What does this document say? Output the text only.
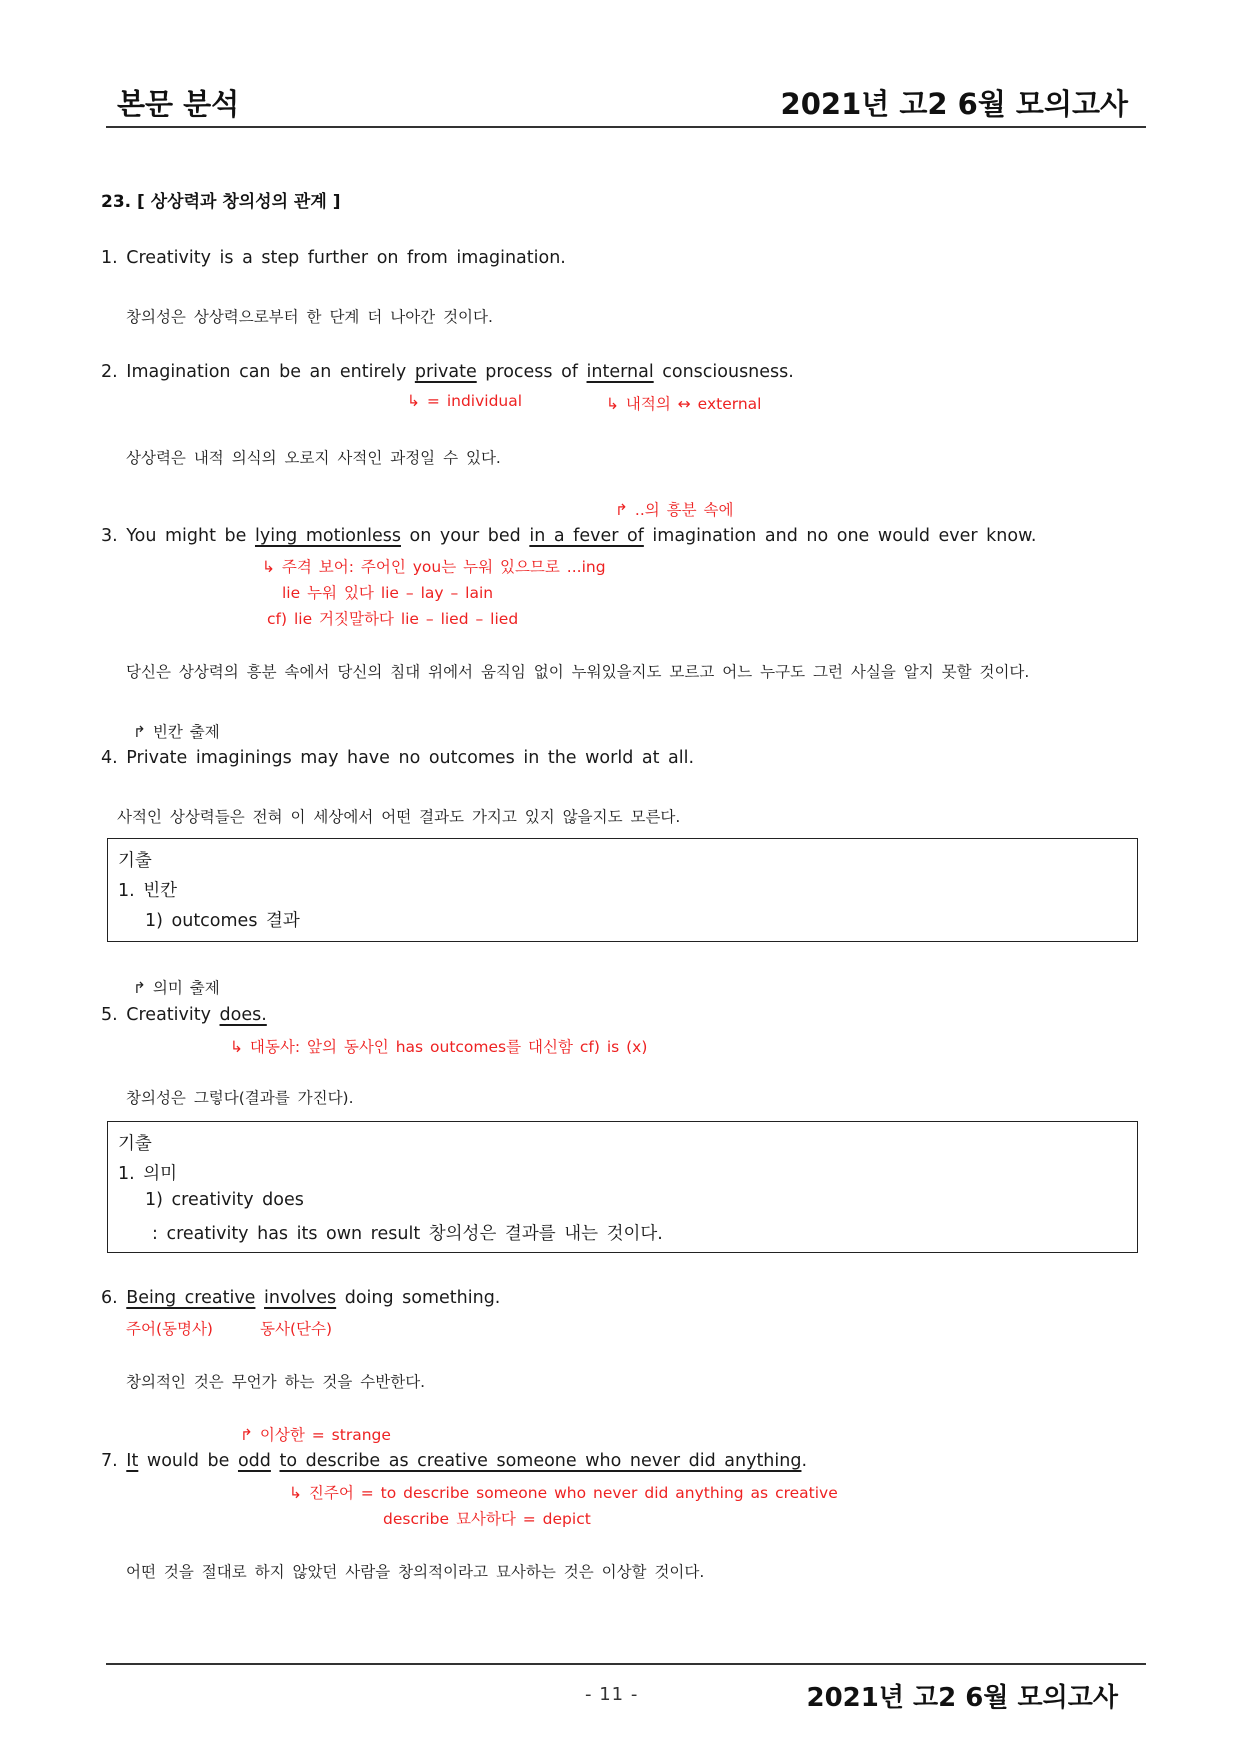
본문 분석	2021년 고2 6월 모의고사
23. [ 상상력과 창의성의 관계 ]
1. Creativity is a step further on from imagination.
창의성은 상상력으로부터 한 단계 더 나아간 것이다.
2. Imagination can be an entirely private process of internal consciousness.
↳ = individual	↳ 내적의 ↔ external
상상력은 내적 의식의 오로지 사적인 과정일 수 있다.
↱ ..의 흥분 속에
3. You might be lying motionless on your bed in a fever of imagination and no one would ever know.
↳ 주격 보어: 주어인 you는 누워 있으므로 ...ing
lie 누워 있다 lie – lay – lain
cf) lie 거짓말하다 lie – lied – lied
당신은 상상력의 흥분 속에서 당신의 침대 위에서 움직임 없이 누워있을지도 모르고 어느 누구도 그런 사실을 알지 못할 것이다.
↱ 빈칸 출제
4. Private imaginings may have no outcomes in the world at all.
사적인 상상력들은 전혀 이 세상에서 어떤 결과도 가지고 있지 않을지도 모른다.
기출
1. 빈칸
1) outcomes 결과
↱ 의미 출제
5. Creativity does.
↳ 대동사: 앞의 동사인 has outcomes를 대신함 cf) is (x)
창의성은 그렇다(결과를 가진다).
기출
1. 의미
1) creativity does
: creativity has its own result 창의성은 결과를 내는 것이다.
6. Being creative involves doing something.
주어(동명사)	동사(단수)
창의적인 것은 무언가 하는 것을 수반한다.
↱ 이상한 = strange
7. It would be odd to describe as creative someone who never did anything.
↳ 진주어 = to describe someone who never did anything as creative
describe 묘사하다 = depict
어떤 것을 절대로 하지 않았던 사람을 창의적이라고 묘사하는 것은 이상할 것이다.
- 11 -	2021년 고2 6월 모의고사
